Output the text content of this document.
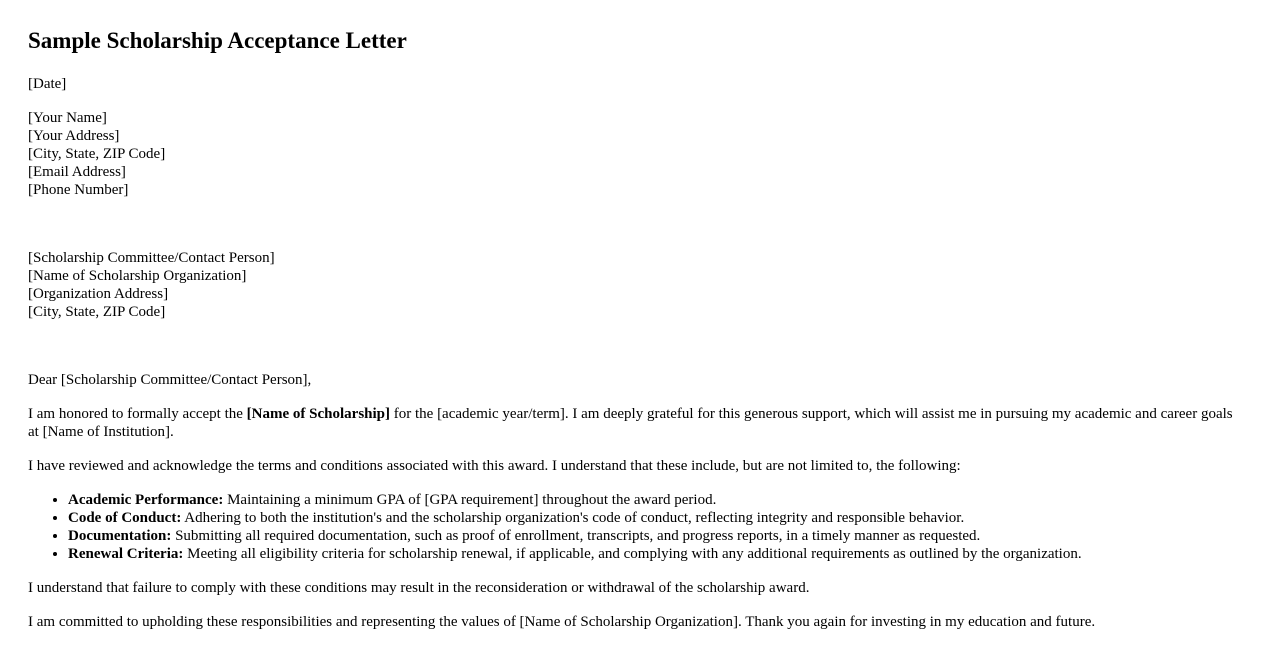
Sample Scholarship Acceptance Letter
[Date]
[Your Name]
[Your Address]
[City, State, ZIP Code]
[Email Address]
[Phone Number]
[Scholarship Committee/Contact Person]
[Name of Scholarship Organization]
[Organization Address]
[City, State, ZIP Code]
Dear [Scholarship Committee/Contact Person],

I am honored to formally accept the [Name of Scholarship] for the [academic year/term]. I am deeply grateful for this generous support, which will assist me in pursuing my academic and career goals at [Name of Institution].

I have reviewed and acknowledge the terms and conditions associated with this award. I understand that these include, but are not limited to, the following:

• Academic Performance: Maintaining a minimum GPA of [GPA requirement] throughout the award period.
• Code of Conduct: Adhering to both the institution's and the scholarship organization's code of conduct, reflecting integrity and responsible behavior.
• Documentation: Submitting all required documentation, such as proof of enrollment, transcripts, and progress reports, in a timely manner as requested.
• Renewal Criteria: Meeting all eligibility criteria for scholarship renewal, if applicable, and complying with any additional requirements as outlined by the organization.

I understand that failure to comply with these conditions may result in the reconsideration or withdrawal of the scholarship award.

I am committed to upholding these responsibilities and representing the values of [Name of Scholarship Organization]. Thank you again for investing in my education and future.
